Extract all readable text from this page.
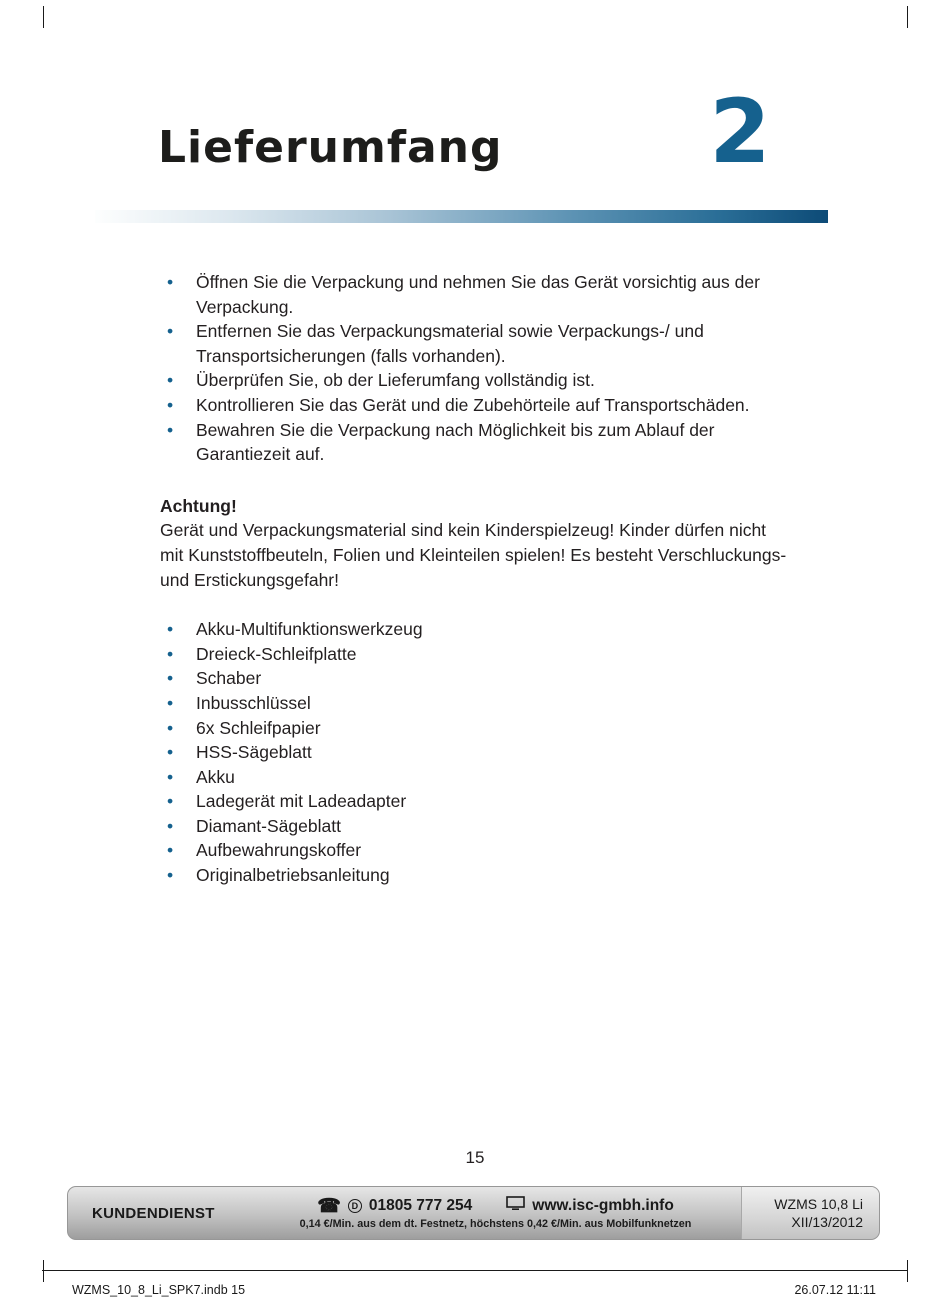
Lieferumfang 2
• Öffnen Sie die Verpackung und nehmen Sie das Gerät vorsichtig aus der Verpackung.
• Entfernen Sie das Verpackungsmaterial sowie Verpackungs-/ und Transportsicherungen (falls vorhanden).
• Überprüfen Sie, ob der Lieferumfang vollständig ist.
• Kontrollieren Sie das Gerät und die Zubehörteile auf Transportschäden.
• Bewahren Sie die Verpackung nach Möglichkeit bis zum Ablauf der Garantiezeit auf.
Achtung!
Gerät und Verpackungsmaterial sind kein Kinderspielzeug! Kinder dürfen nicht mit Kunststoffbeuteln, Folien und Kleinteilen spielen! Es besteht Verschluckungs- und Erstickungsgefahr!
• Akku-Multifunktionswerkzeug
• Dreieck-Schleifplatte
• Schaber
• Inbusschlüssel
• 6x Schleifpapier
• HSS-Sägeblatt
• Akku
• Ladegerät mit Ladeadapter
• Diamant-Sägeblatt
• Aufbewahrungskoffer
• Originalbetriebsanleitung
15
KUNDENDIENST	☎	D 01805 777 254	www.isc-gmbh.info
0,14 €/Min. aus dem dt. Festnetz, höchstens 0,42 €/Min. aus Mobilfunknetzen
WZMS 10,8 Li
XII/13/2012
WZMS_10_8_Li_SPK7.indb 15	26.07.12 11:11
